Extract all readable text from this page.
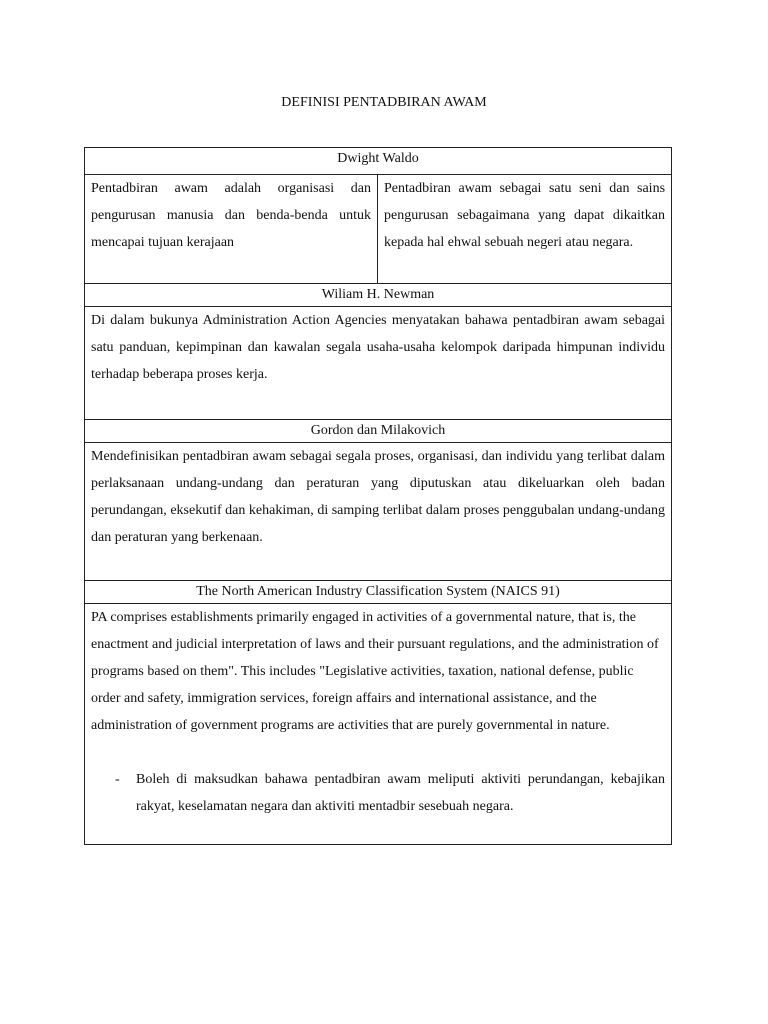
DEFINISI PENTADBIRAN AWAM
Dwight Waldo
Pentadbiran awam adalah organisasi dan pengurusan manusia dan benda-benda untuk mencapai tujuan kerajaan	Pentadbiran awam sebagai satu seni dan sains pengurusan sebagaimana yang dapat dikaitkan kepada hal ehwal sebuah negeri atau negara.
Wiliam H. Newman
Di dalam bukunya Administration Action Agencies menyatakan bahawa pentadbiran awam sebagai satu panduan, kepimpinan dan kawalan segala usaha-usaha kelompok daripada himpunan individu terhadap beberapa proses kerja.
Gordon dan Milakovich
Mendefinisikan pentadbiran awam sebagai segala proses, organisasi, dan individu yang terlibat dalam perlaksanaan undang-undang dan peraturan yang diputuskan atau dikeluarkan oleh badan perundangan, eksekutif dan kehakiman, di samping terlibat dalam proses penggubalan undang-undang dan peraturan yang berkenaan.
The North American Industry Classification System (NAICS 91)

PA comprises establishments primarily engaged in activities of a governmental nature, that is, the enactment and judicial interpretation of laws and their pursuant regulations, and the administration of programs based on them". This includes "Legislative activities, taxation, national defense, public order and safety, immigration services, foreign affairs and international assistance, and the administration of government programs are activities that are purely governmental in nature.
-	Boleh di maksudkan bahawa pentadbiran awam meliputi aktiviti perundangan, kebajikan rakyat, keselamatan negara dan aktiviti mentadbir sesebuah negara.
